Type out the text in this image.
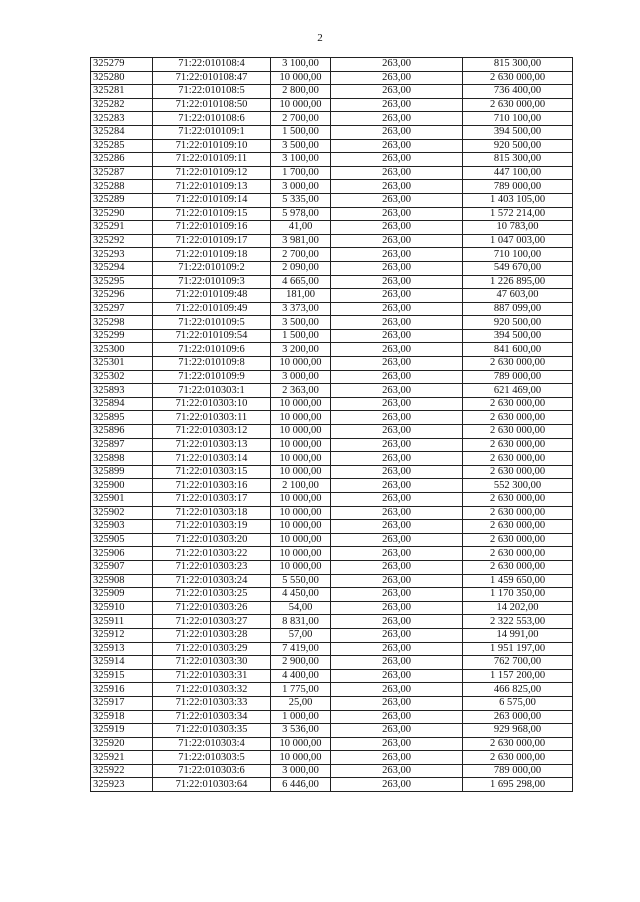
2
325279	71:22:010108:4	3 100,00	263,00	815 300,00
325280	71:22:010108:47	10 000,00	263,00	2 630 000,00
325281	71:22:010108:5	2 800,00	263,00	736 400,00
325282	71:22:010108:50	10 000,00	263,00	2 630 000,00
325283	71:22:010108:6	2 700,00	263,00	710 100,00
325284	71:22:010109:1	1 500,00	263,00	394 500,00
325285	71:22:010109:10	3 500,00	263,00	920 500,00
325286	71:22:010109:11	3 100,00	263,00	815 300,00
325287	71:22:010109:12	1 700,00	263,00	447 100,00
325288	71:22:010109:13	3 000,00	263,00	789 000,00
325289	71:22:010109:14	5 335,00	263,00	1 403 105,00
325290	71:22:010109:15	5 978,00	263,00	1 572 214,00
325291	71:22:010109:16	41,00	263,00	10 783,00
325292	71:22:010109:17	3 981,00	263,00	1 047 003,00
325293	71:22:010109:18	2 700,00	263,00	710 100,00
325294	71:22:010109:2	2 090,00	263,00	549 670,00
325295	71:22:010109:3	4 665,00	263,00	1 226 895,00
325296	71:22:010109:48	181,00	263,00	47 603,00
325297	71:22:010109:49	3 373,00	263,00	887 099,00
325298	71:22:010109:5	3 500,00	263,00	920 500,00
325299	71:22:010109:54	1 500,00	263,00	394 500,00
325300	71:22:010109:6	3 200,00	263,00	841 600,00
325301	71:22:010109:8	10 000,00	263,00	2 630 000,00
325302	71:22:010109:9	3 000,00	263,00	789 000,00
325893	71:22:010303:1	2 363,00	263,00	621 469,00
325894	71:22:010303:10	10 000,00	263,00	2 630 000,00
325895	71:22:010303:11	10 000,00	263,00	2 630 000,00
325896	71:22:010303:12	10 000,00	263,00	2 630 000,00
325897	71:22:010303:13	10 000,00	263,00	2 630 000,00
325898	71:22:010303:14	10 000,00	263,00	2 630 000,00
325899	71:22:010303:15	10 000,00	263,00	2 630 000,00
325900	71:22:010303:16	2 100,00	263,00	552 300,00
325901	71:22:010303:17	10 000,00	263,00	2 630 000,00
325902	71:22:010303:18	10 000,00	263,00	2 630 000,00
325903	71:22:010303:19	10 000,00	263,00	2 630 000,00
325905	71:22:010303:20	10 000,00	263,00	2 630 000,00
325906	71:22:010303:22	10 000,00	263,00	2 630 000,00
325907	71:22:010303:23	10 000,00	263,00	2 630 000,00
325908	71:22:010303:24	5 550,00	263,00	1 459 650,00
325909	71:22:010303:25	4 450,00	263,00	1 170 350,00
325910	71:22:010303:26	54,00	263,00	14 202,00
325911	71:22:010303:27	8 831,00	263,00	2 322 553,00
325912	71:22:010303:28	57,00	263,00	14 991,00
325913	71:22:010303:29	7 419,00	263,00	1 951 197,00
325914	71:22:010303:30	2 900,00	263,00	762 700,00
325915	71:22:010303:31	4 400,00	263,00	1 157 200,00
325916	71:22:010303:32	1 775,00	263,00	466 825,00
325917	71:22:010303:33	25,00	263,00	6 575,00
325918	71:22:010303:34	1 000,00	263,00	263 000,00
325919	71:22:010303:35	3 536,00	263,00	929 968,00
325920	71:22:010303:4	10 000,00	263,00	2 630 000,00
325921	71:22:010303:5	10 000,00	263,00	2 630 000,00
325922	71:22:010303:6	3 000,00	263,00	789 000,00
325923	71:22:010303:64	6 446,00	263,00	1 695 298,00
